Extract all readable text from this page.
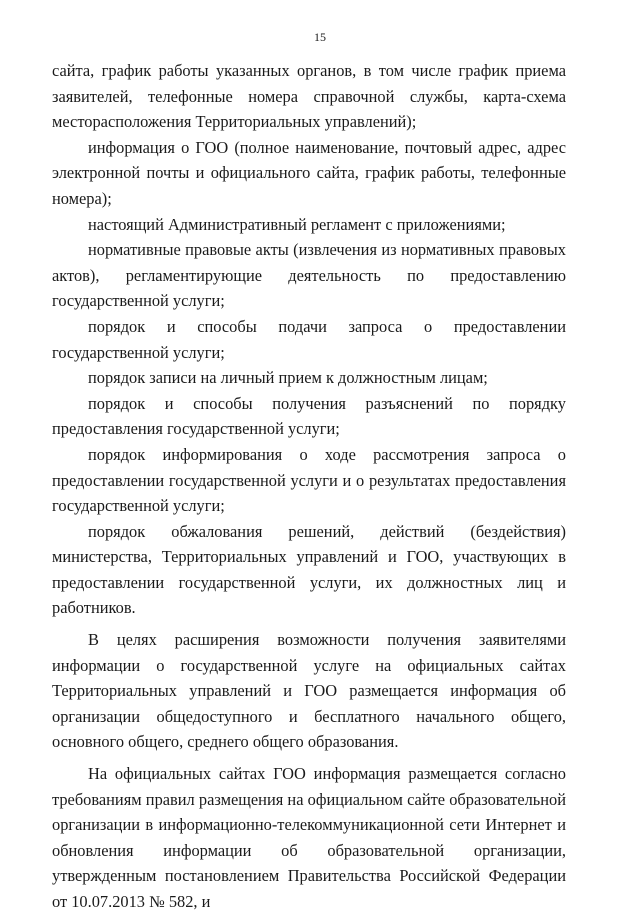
15

сайта, график работы указанных органов, в том числе график приема заявителей, телефонные номера справочной службы, карта-схема месторасположения Территориальных управлений);

информация о ГОО (полное наименование, почтовый адрес, адрес электронной почты и официального сайта, график работы, телефонные номера);

настоящий Административный регламент с приложениями;

нормативные правовые акты (извлечения из нормативных правовых актов), регламентирующие деятельность по предоставлению государственной услуги;

порядок и способы подачи запроса о предоставлении государственной услуги;

порядок записи на личный прием к должностным лицам;

порядок и способы получения разъяснений по порядку предоставления государственной услуги;

порядок информирования о ходе рассмотрения запроса о предоставлении государственной услуги и о результатах предоставления государственной услуги;

порядок обжалования решений, действий (бездействия) министерства, Территориальных управлений и ГОО, участвующих в предоставлении государственной услуги, их должностных лиц и работников.

В целях расширения возможности получения заявителями информации о государственной услуге на официальных сайтах Территориальных управлений и ГОО размещается информация об организации общедоступного и бесплатного начального общего, основного общего, среднего общего образования.

На официальных сайтах ГОО информация размещается согласно требованиям правил размещения на официальном сайте образовательной организации в информационно-телекоммуникационной сети Интернет и обновления информации об образовательной организации, утвержденным постановлением Правительства Российской Федерации от 10.07.2013 № 582, и
